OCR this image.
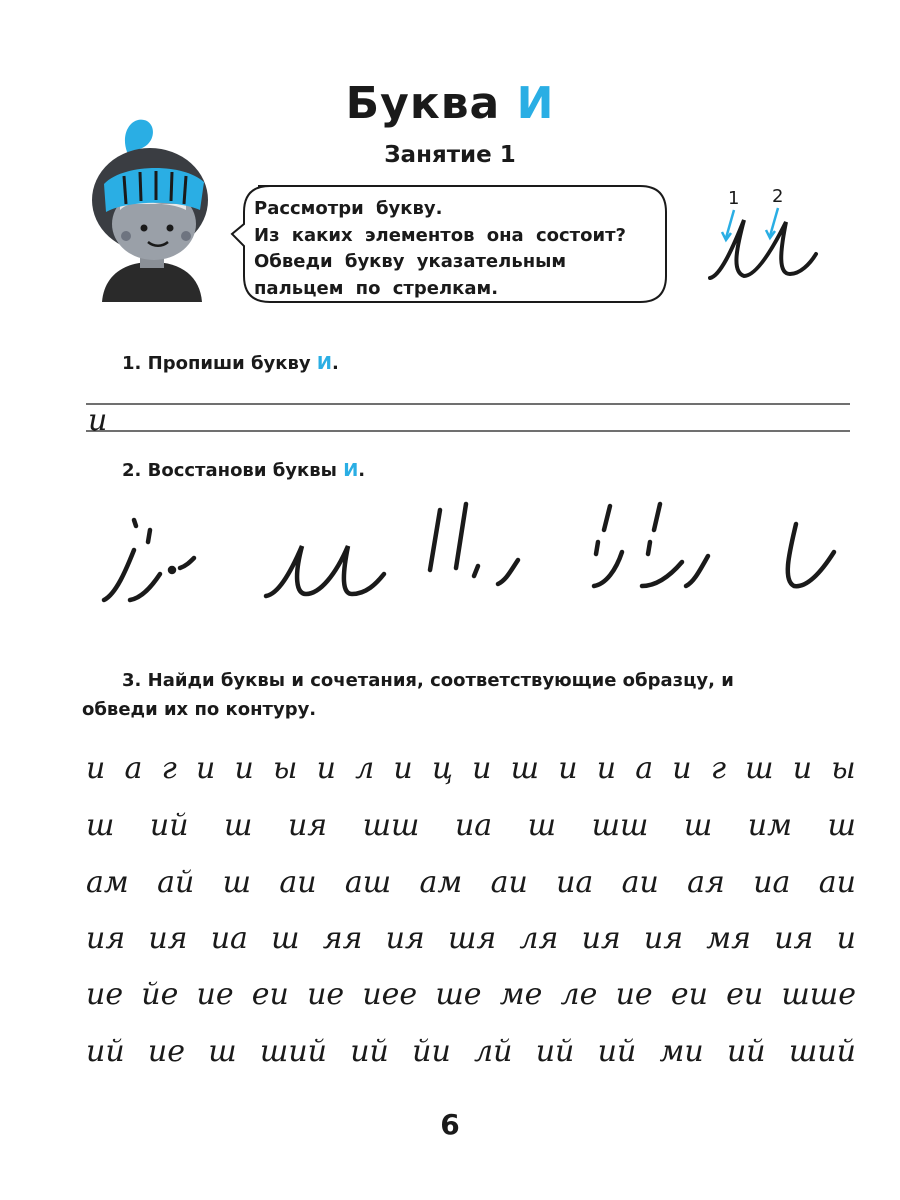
Буква И
Занятие 1
Рассмотри букву.
Из каких элементов она состоит?
Обведи букву указательным
пальцем по стрелкам.
1 2
1. Пропиши букву И.
и
2. Восстанови буквы И.
3. Найди буквы и сочетания, соответствующие образцу, и
обведи их по контуру.
и а г и и ы и л и ц и ш и и а и г ш и ы
ш ий ш ия шш иа ш шш ш им ш
ам ай ш аи аш ам аи иа аи ая иа аи
ия ия иа ш яя ия шя ля ия ия мя ия и
ие йе ие еи ие иее ше ме ле ие еи еи шше
ий ие ш ший ий йи лй ий ий ми ий ший
6
